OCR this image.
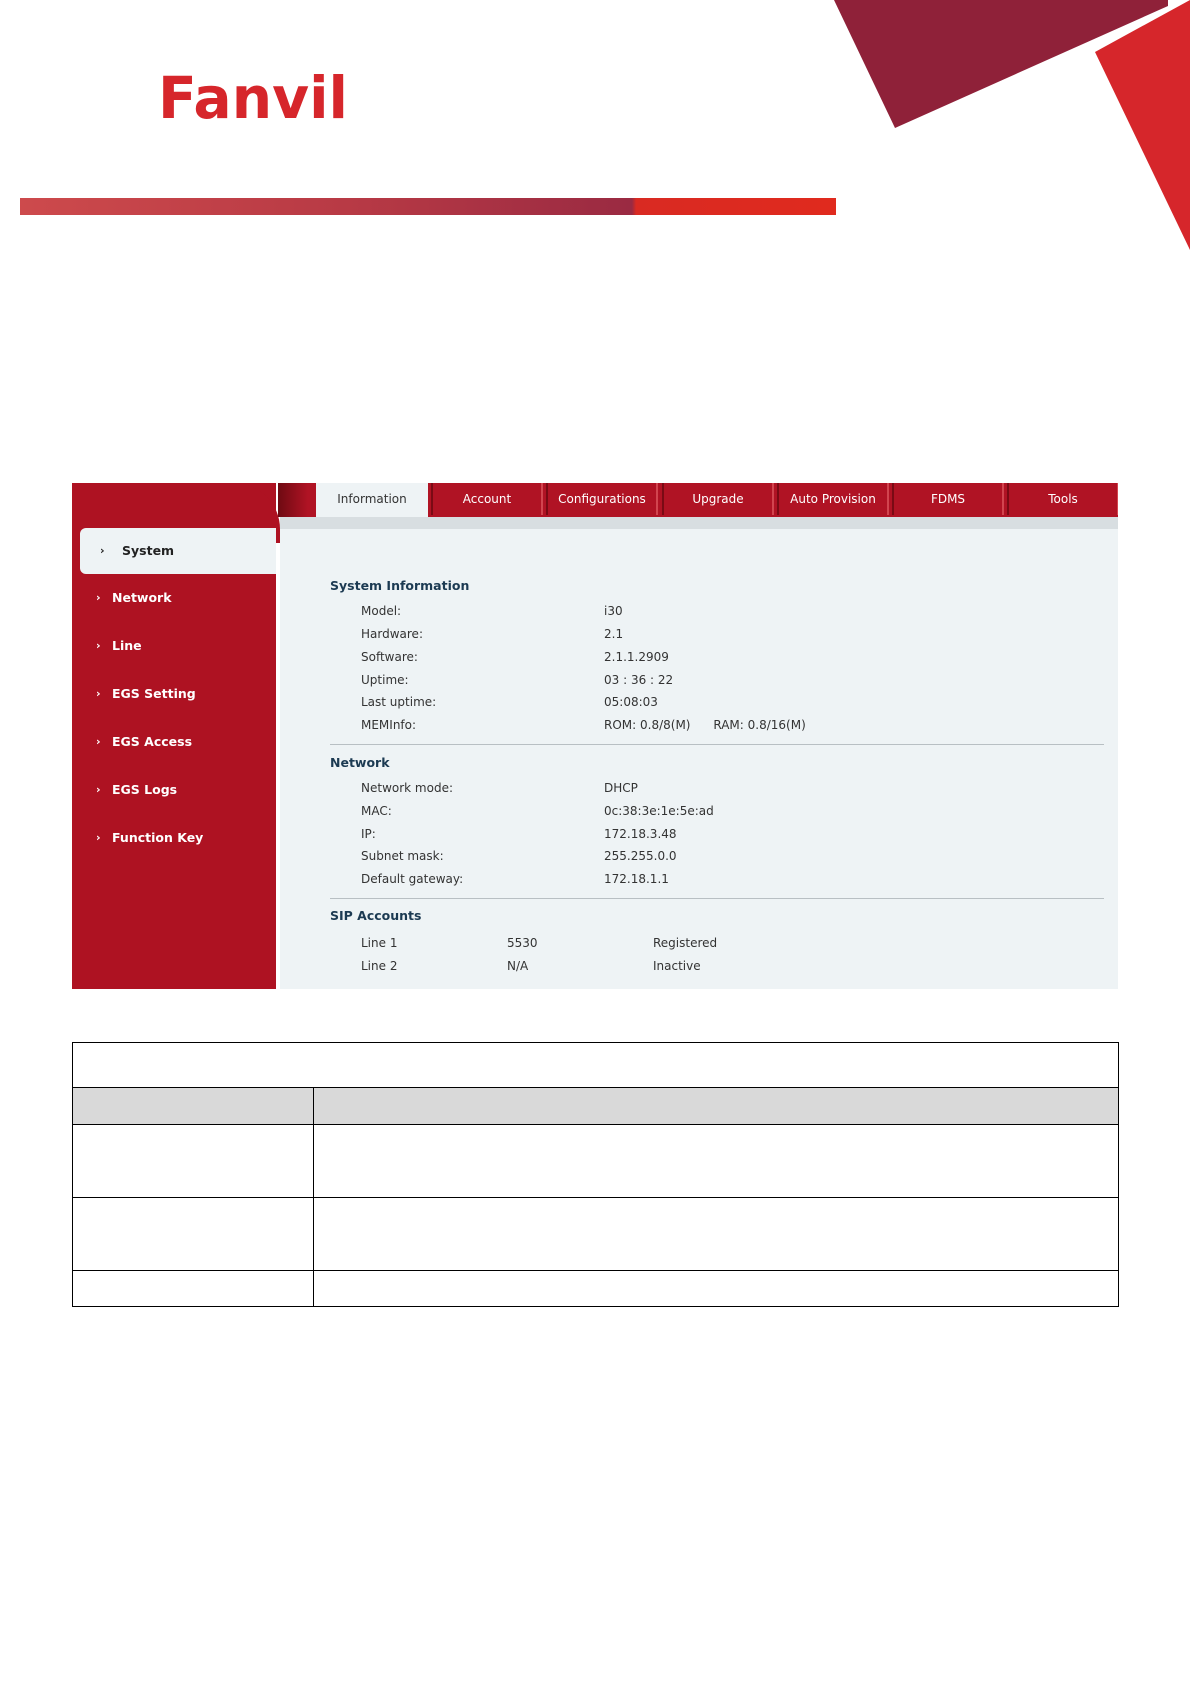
Fanvil
Information	Account	Configurations	Upgrade	Auto Provision	FDMS	Tools
› System
› Network
› Line
› EGS Setting
› EGS Access
› EGS Logs
› Function Key
System Information
Model:	i30
Hardware:	2.1
Software:	2.1.1.2909
Uptime:	03 : 36 : 22
Last uptime:	05:08:03
MEMInfo:	ROM: 0.8/8(M)      RAM: 0.8/16(M)
Network
Network mode:	DHCP
MAC:	0c:38:3e:1e:5e:ad
IP:	172.18.3.48
Subnet mask:	255.255.0.0
Default gateway:	172.18.1.1
SIP Accounts
Line 1	5530	Registered
Line 2	N/A	Inactive
